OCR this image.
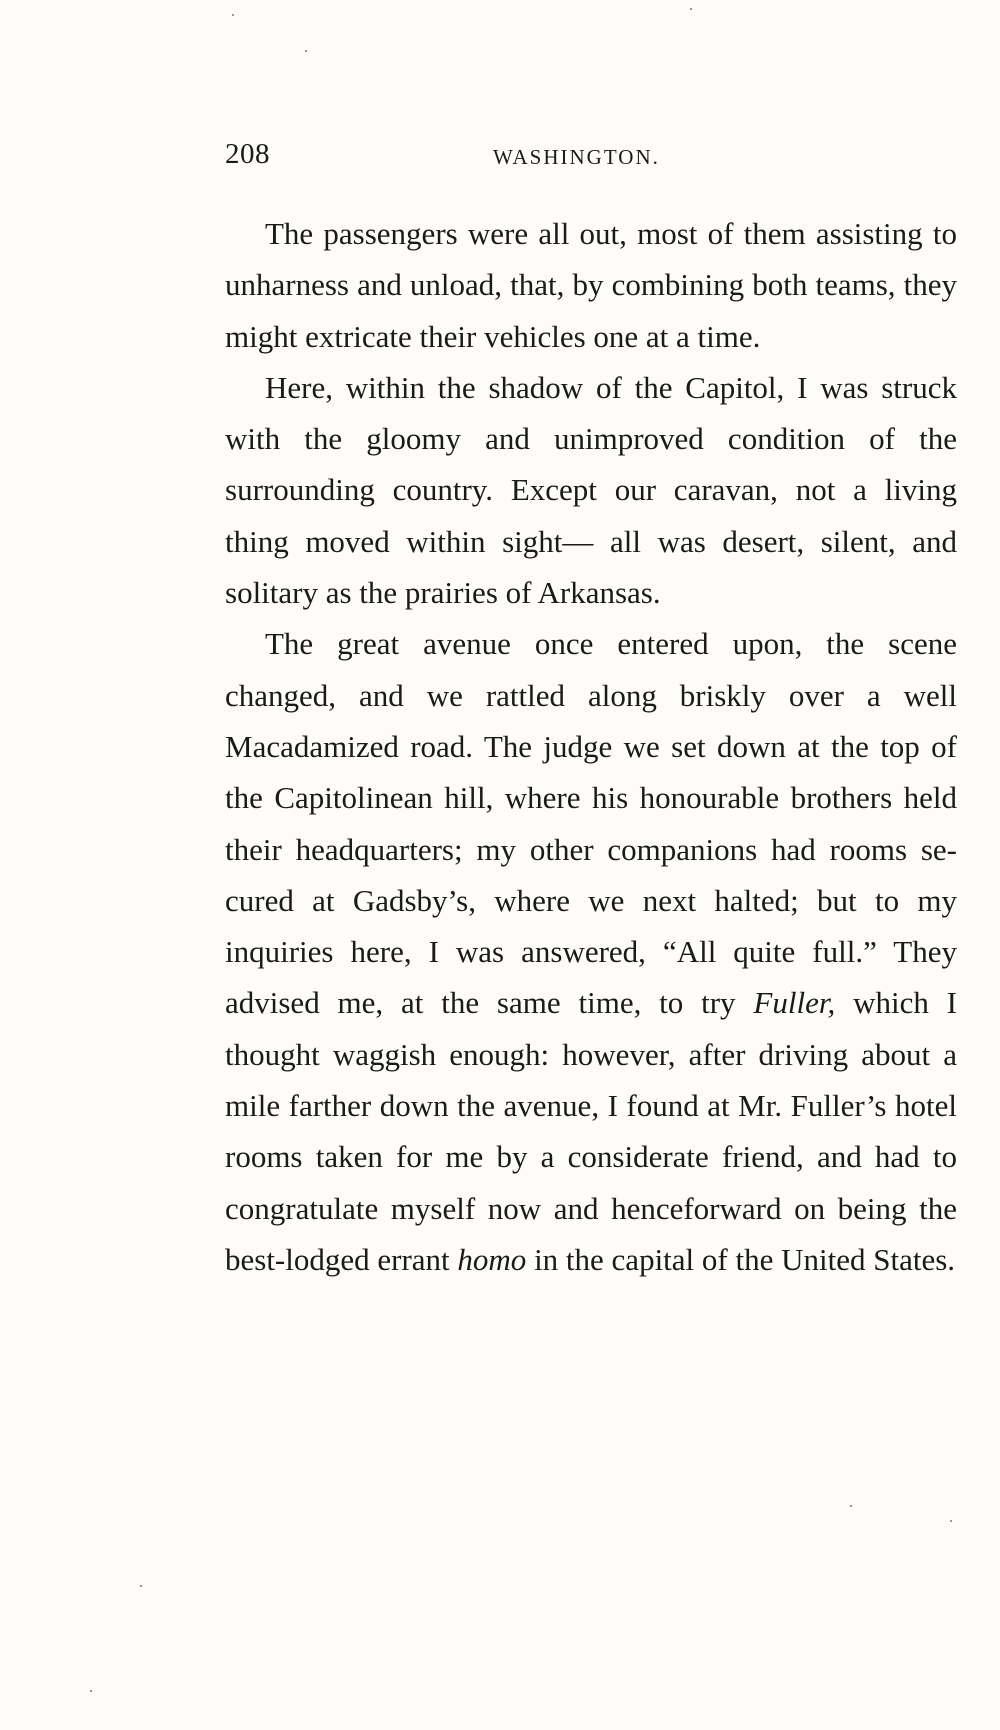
208	WASHINGTON.

The passengers were all out, most of them assisting to unharness and unload, that, by combining both teams, they might extricate their vehicles one at a time.

Here, within the shadow of the Capitol, I was struck with the gloomy and unimproved condition of the surrounding country. Except our caravan, not a living thing moved within sight— all was desert, silent, and solitary as the prairies of Arkansas.

The great avenue once entered upon, the scene changed, and we rattled along briskly over a well Macadamized road. The judge we set down at the top of the Capitolinean hill, where his honourable brothers held their headquarters; my other companions had rooms secured at Gadsby’s, where we next halted; but to my inquiries here, I was answered, “All quite full.” They advised me, at the same time, to try Fuller, which I thought waggish enough: however, after driving about a mile farther down the avenue, I found at Mr. Fuller’s hotel rooms taken for me by a considerate friend, and had to congratulate myself now and henceforward on being the best-lodged errant homo in the capital of the United States.
